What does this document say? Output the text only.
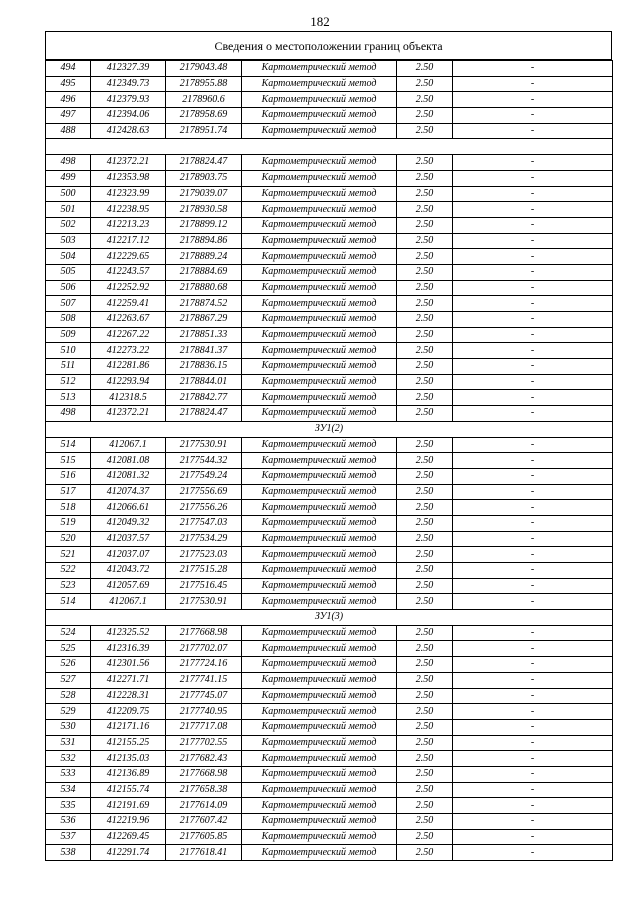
182
Сведения о местоположении границ объекта
494	412327.39	2179043.48	Картометрический метод	2.50	-
495	412349.73	2178955.88	Картометрический метод	2.50	-
496	412379.93	2178960.6	Картометрический метод	2.50	-
497	412394.06	2178958.69	Картометрический метод	2.50	-
488	412428.63	2178951.74	Картометрический метод	2.50	-

498	412372.21	2178824.47	Картометрический метод	2.50	-
499	412353.98	2178903.75	Картометрический метод	2.50	-
500	412323.99	2179039.07	Картометрический метод	2.50	-
501	412238.95	2178930.58	Картометрический метод	2.50	-
502	412213.23	2178899.12	Картометрический метод	2.50	-
503	412217.12	2178894.86	Картометрический метод	2.50	-
504	412229.65	2178889.24	Картометрический метод	2.50	-
505	412243.57	2178884.69	Картометрический метод	2.50	-
506	412252.92	2178880.68	Картометрический метод	2.50	-
507	412259.41	2178874.52	Картометрический метод	2.50	-
508	412263.67	2178867.29	Картометрический метод	2.50	-
509	412267.22	2178851.33	Картометрический метод	2.50	-
510	412273.22	2178841.37	Картометрический метод	2.50	-
511	412281.86	2178836.15	Картометрический метод	2.50	-
512	412293.94	2178844.01	Картометрический метод	2.50	-
513	412318.5	2178842.77	Картометрический метод	2.50	-
498	412372.21	2178824.47	Картометрический метод	2.50	-
ЗУ1(2)					
514	412067.1	2177530.91	Картометрический метод	2.50	-
515	412081.08	2177544.32	Картометрический метод	2.50	-
516	412081.32	2177549.24	Картометрический метод	2.50	-
517	412074.37	2177556.69	Картометрический метод	2.50	-
518	412066.61	2177556.26	Картометрический метод	2.50	-
519	412049.32	2177547.03	Картометрический метод	2.50	-
520	412037.57	2177534.29	Картометрический метод	2.50	-
521	412037.07	2177523.03	Картометрический метод	2.50	-
522	412043.72	2177515.28	Картометрический метод	2.50	-
523	412057.69	2177516.45	Картометрический метод	2.50	-
514	412067.1	2177530.91	Картометрический метод	2.50	-
ЗУ1(3)					
524	412325.52	2177668.98	Картометрический метод	2.50	-
525	412316.39	2177702.07	Картометрический метод	2.50	-
526	412301.56	2177724.16	Картометрический метод	2.50	-
527	412271.71	2177741.15	Картометрический метод	2.50	-
528	412228.31	2177745.07	Картометрический метод	2.50	-
529	412209.75	2177740.95	Картометрический метод	2.50	-
530	412171.16	2177717.08	Картометрический метод	2.50	-
531	412155.25	2177702.55	Картометрический метод	2.50	-
532	412135.03	2177682.43	Картометрический метод	2.50	-
533	412136.89	2177668.98	Картометрический метод	2.50	-
534	412155.74	2177658.38	Картометрический метод	2.50	-
535	412191.69	2177614.09	Картометрический метод	2.50	-
536	412219.96	2177607.42	Картометрический метод	2.50	-
537	412269.45	2177605.85	Картометрический метод	2.50	-
538	412291.74	2177618.41	Картометрический метод	2.50	-
